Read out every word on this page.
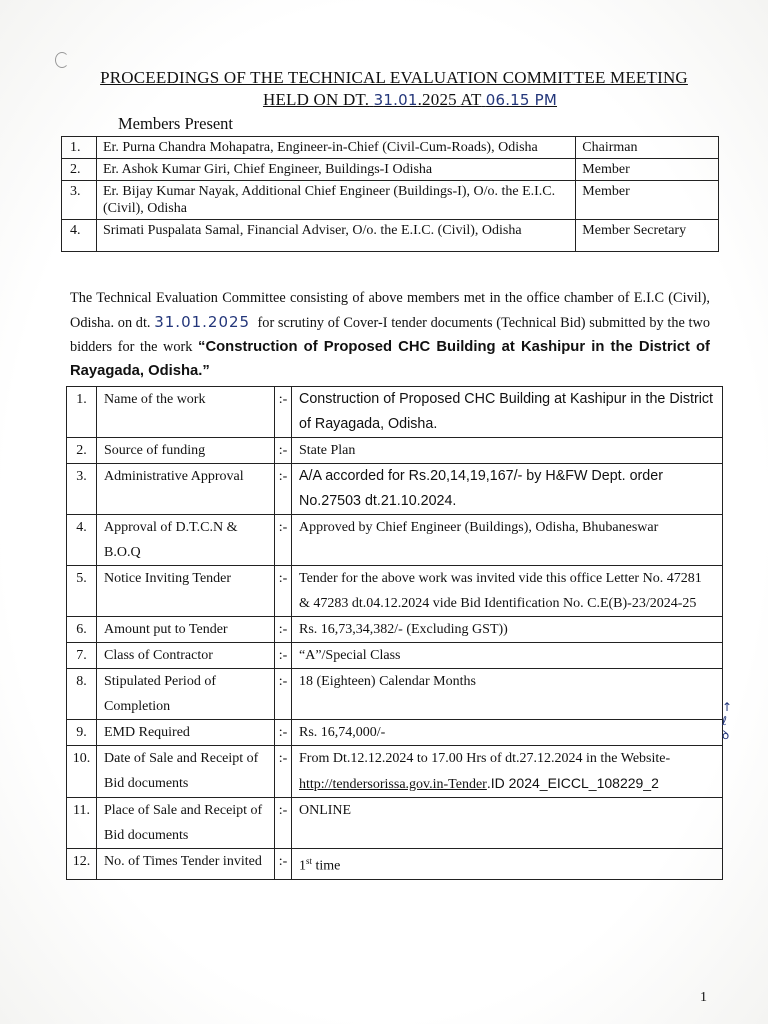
PROCEEDINGS OF THE TECHNICAL EVALUATION COMMITTEE MEETING
HELD ON DT. 31.01.2025 AT 06.15 PM
Members Present
1.	Er. Purna Chandra Mohapatra, Engineer-in-Chief (Civil-Cum-Roads), Odisha	Chairman
2.	Er. Ashok Kumar Giri, Chief Engineer, Buildings-I Odisha	Member
3.	Er. Bijay Kumar Nayak, Additional Chief Engineer (Buildings-I), O/o. the E.I.C. (Civil), Odisha	Member
4.	Srimati Puspalata Samal, Financial Adviser, O/o. the E.I.C. (Civil), Odisha	Member Secretary
The Technical Evaluation Committee consisting of above members met in the office chamber of E.I.C (Civil), Odisha. on dt. 31.01.2025 for scrutiny of Cover-I tender documents (Technical Bid) submitted by the two bidders for the work “Construction of Proposed CHC Building at Kashipur in the District of Rayagada, Odisha.”
1.	Name of the work	:-	Construction of Proposed CHC Building at Kashipur in the District of Rayagada, Odisha.
2.	Source of funding	:-	State Plan
3.	Administrative Approval	:-	A/A accorded for Rs.20,14,19,167/- by H&FW Dept. order No.27503 dt.21.10.2024.
4.	Approval of D.T.C.N & B.O.Q	:-	Approved by Chief Engineer (Buildings), Odisha, Bhubaneswar
5.	Notice Inviting Tender	:-	Tender for the above work was invited vide this office Letter No. 47281 & 47283 dt.04.12.2024 vide Bid Identification No. C.E(B)-23/2024-25
6.	Amount put to Tender	:-	Rs. 16,73,34,382/- (Excluding GST))
7.	Class of Contractor	:-	“A”/Special Class
8.	Stipulated Period of Completion	:-	18 (Eighteen) Calendar Months
9.	EMD Required	:-	Rs. 16,74,000/-
10.	Date of Sale and Receipt of Bid documents	:-	From Dt.12.12.2024 to 17.00 Hrs of dt.27.12.2024 in the Website- http://tendersorissa.gov.in-Tender.ID 2024_EICCL_108229_2
11.	Place of Sale and Receipt of Bid documents	:-	ONLINE
12.	No. of Times Tender invited	:-	1st time
↑
ℓ
ꝺ
1
